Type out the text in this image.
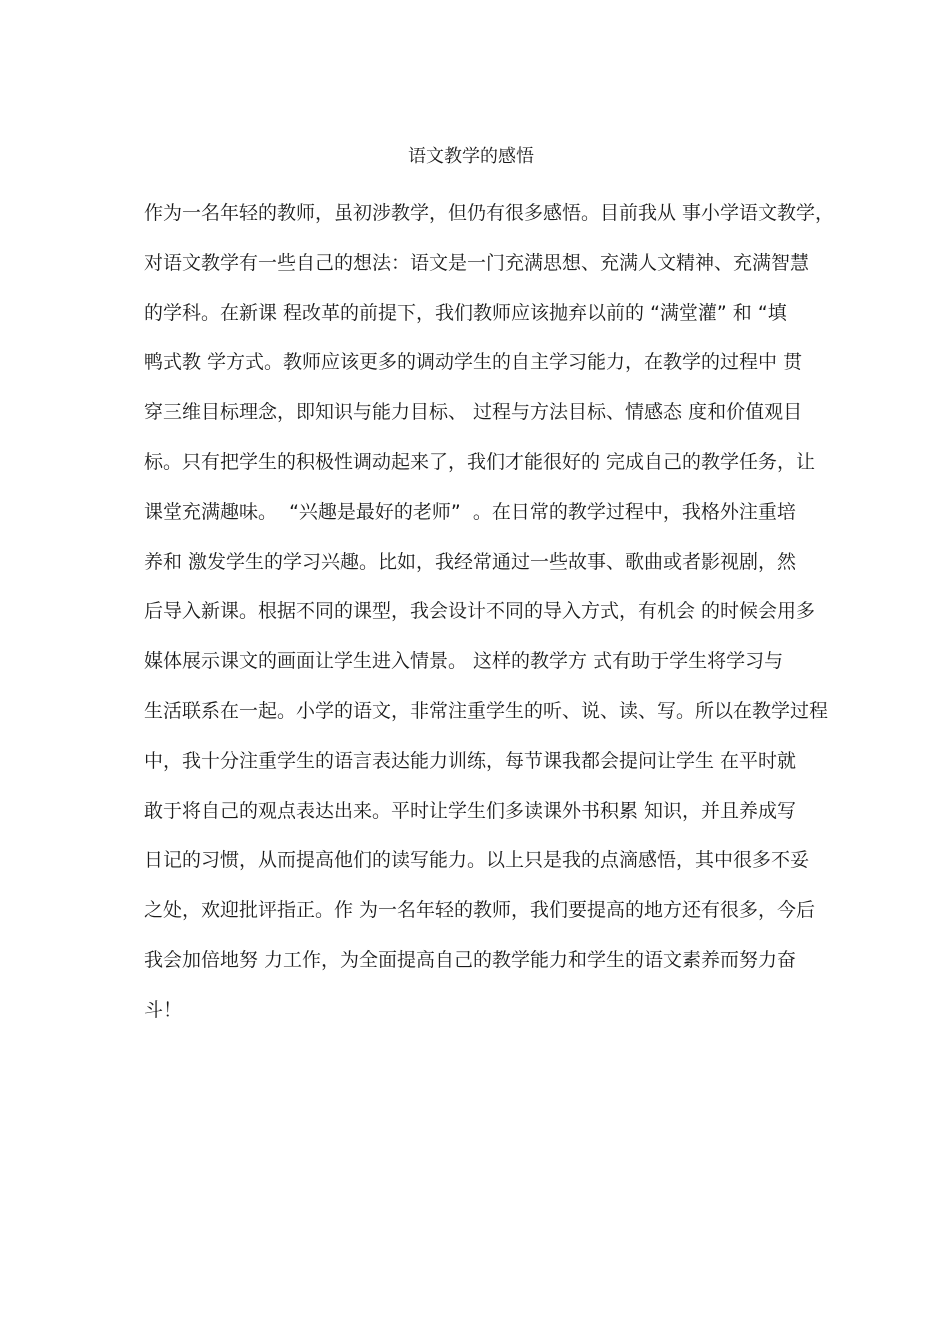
语文教学的感悟
作为一名年轻的教师，虽初涉教学，但仍有很多感悟。目前我从 事小学语文教学，
对语文教学有一些自己的想法：语文是一门充满思想、充满人文精神、充满智慧
的学科。在新课 程改革的前提下，我们教师应该抛弃以前的 “满堂灌” 和 “填
鸭式教 学方式。教师应该更多的调动学生的自主学习能力，在教学的过程中 贯
穿三维目标理念，即知识与能力目标、 过程与方法目标、情感态 度和价值观目
标。只有把学生的积极性调动起来了，我们才能很好的 完成自己的教学任务，让
课堂充满趣味。  “兴趣是最好的老师”  。在日常的教学过程中，我格外注重培
养和 激发学生的学习兴趣。比如，我经常通过一些故事、歌曲或者影视剧，然
后导入新课。根据不同的课型，我会设计不同的导入方式，有机会 的时候会用多
媒体展示课文的画面让学生进入情景。 这样的教学方 式有助于学生将学习与
生活联系在一起。小学的语文，非常注重学生的听、说、读、写。所以在教学过程
中，我十分注重学生的语言表达能力训练，每节课我都会提问让学生 在平时就
敢于将自己的观点表达出来。平时让学生们多读课外书积累 知识，并且养成写
日记的习惯，从而提高他们的读写能力。以上只是我的点滴感悟，其中很多不妥
之处，欢迎批评指正。作 为一名年轻的教师，我们要提高的地方还有很多，今后
我会加倍地努 力工作，为全面提高自己的教学能力和学生的语文素养而努力奋
斗！
